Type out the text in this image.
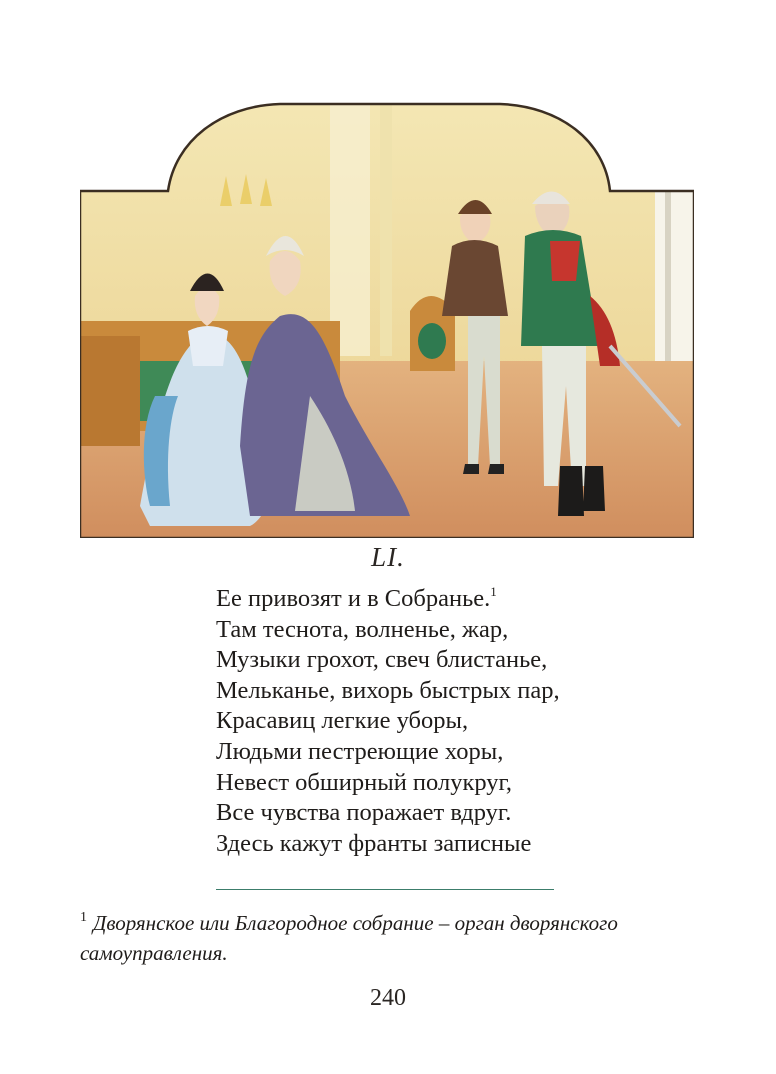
LI.
Ее привозят и в Собранье.$^1$
Там теснота, волненье, жар,
Музыки грохот, свеч блистанье,
Мельканье, вихорь быстрых пар,
Красавиц легкие уборы,
Людьми пестреющие хоры,
Невест обширный полукруг,
Все чувства поражает вдруг.
Здесь кажут франты записные
$^1$ Дворянское или Благородное собрание – орган дворянского самоуправления.
240
